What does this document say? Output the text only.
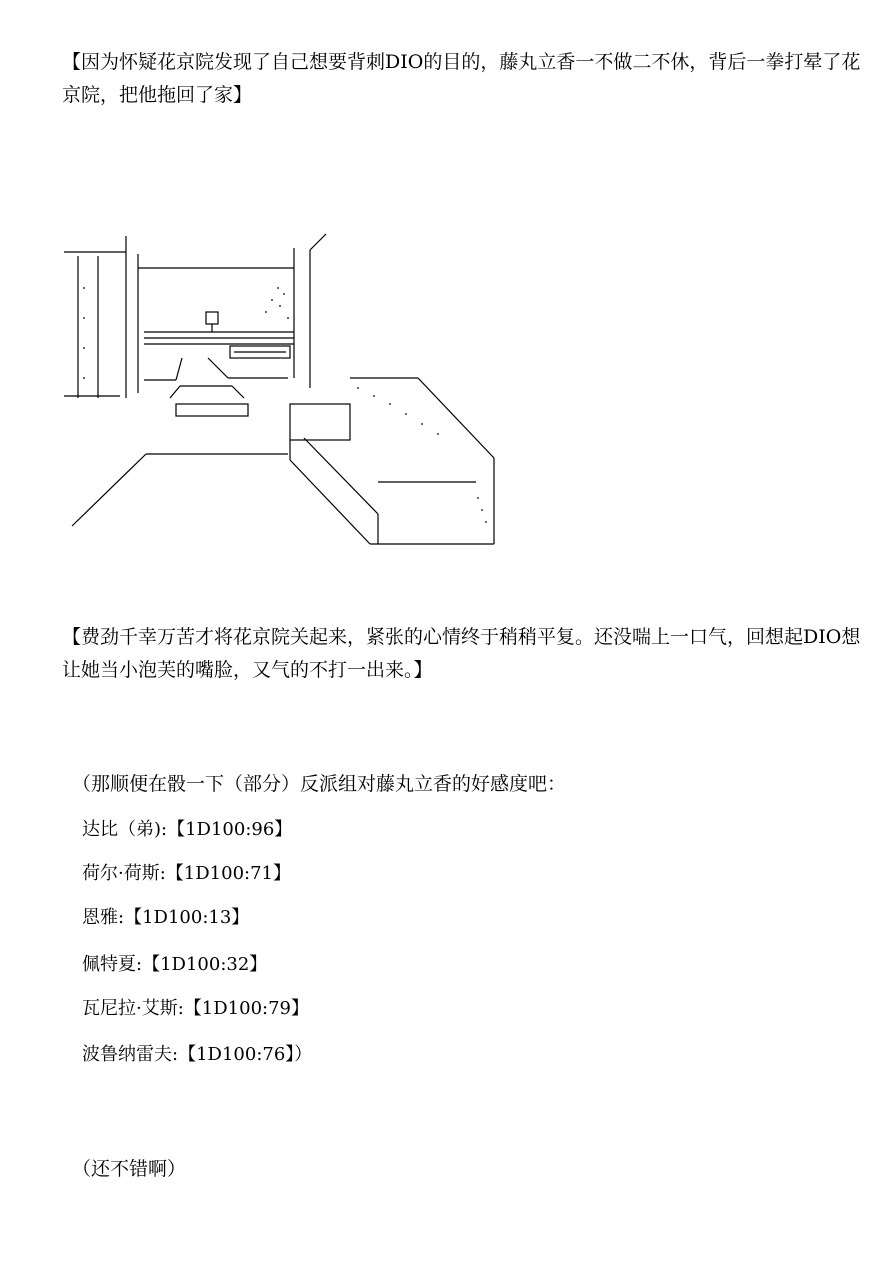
【因为怀疑花京院发现了自己想要背刺DIO的目的，藤丸立香一不做二不休，背后一拳打晕了花京院，把他拖回了家】

【费劲千幸万苦才将花京院关起来，紧张的心情终于稍稍平复。还没喘上一口气，回想起DIO想让她当小泡芙的嘴脸，又气的不打一出来。】

（那顺便在骰一下（部分）反派组对藤丸立香的好感度吧：

达比（弟):【1D100:96】

荷尔·荷斯:【1D100:71】

恩雅:【1D100:13】

佩特夏:【1D100:32】

瓦尼拉·艾斯:【1D100:79】

波鲁纳雷夫:【1D100:76】）

（还不错啊）
